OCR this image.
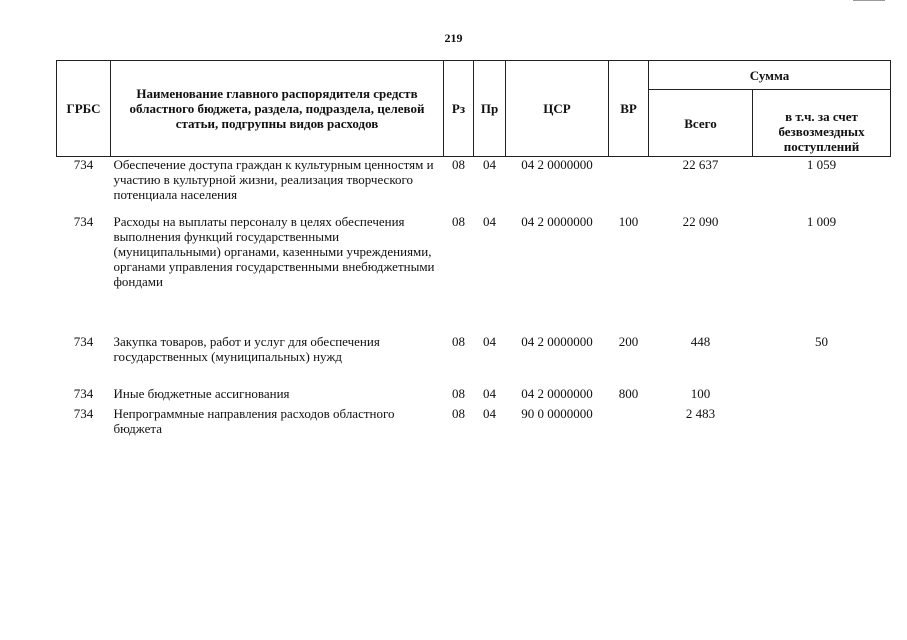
219
ГРБС	Наименование главного распорядителя средств областного бюджета, раздела, подраздела, целевой статьи, подгрупны видов расходов	Рз	Пр	ЦСР	ВР	Сумма	
						Всего	в т.ч. за счет безвозмездных поступлений
734	Обеспечение доступа граждан к культурным ценностям и участию в культурной жизни, реализация творческого потенциала населения	08	04	04 2 0000000		22 637	1 059
734	Расходы на выплаты персоналу в целях обеспечения выполнения функций государственными (муниципальными) органами, казенными учреждениями, органами управления государственными внебюджетными фондами	08	04	04 2 0000000	100	22 090	1 009
734	Закупка товаров, работ и услуг для обеспечения государственных (муниципальных) нужд	08	04	04 2 0000000	200	448	50
734	Иные бюджетные ассигнования	08	04	04 2 0000000	800	100	
734	Непрограммные направления расходов областного бюджета	08	04	90 0 0000000		2 483	
